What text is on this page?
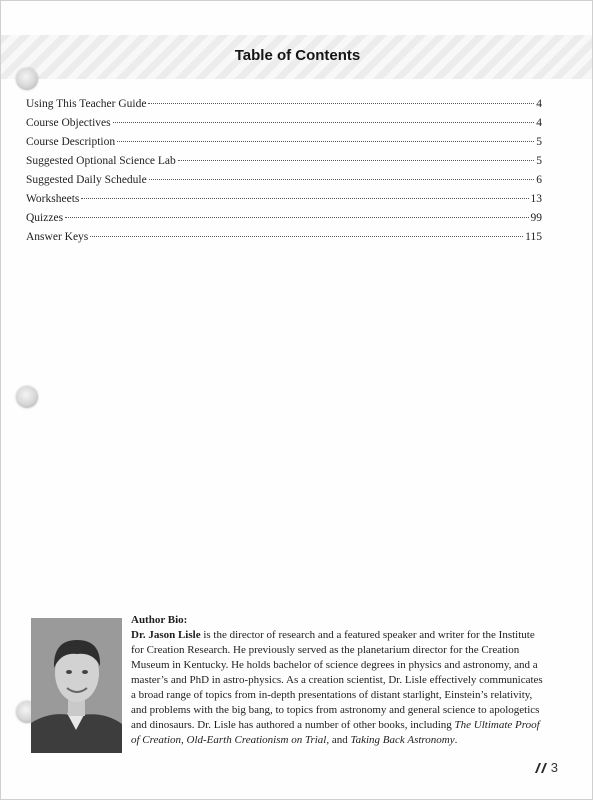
Table of Contents
Using This Teacher Guide	4
Course Objectives	4
Course Description	5
Suggested Optional Science Lab	5
Suggested Daily Schedule	6
Worksheets	13
Quizzes	99
Answer Keys	115
Author Bio:
Dr. Jason Lisle is the director of research and a featured speaker and writer for the Institute for Creation Research. He previously served as the planetarium director for the Creation Museum in Kentucky. He holds bachelor of science degrees in physics and astronomy, and a master’s and PhD in astro-physics. As a creation scientist, Dr. Lisle effectively communicates a broad range of topics from in-depth presentations of distant starlight, Einstein’s relativity, and problems with the big bang, to topics from astronomy and general science to apologetics and dinosaurs. Dr. Lisle has authored a number of other books, including The Ultimate Proof of Creation, Old-Earth Creationism on Trial, and Taking Back Astronomy.
3
